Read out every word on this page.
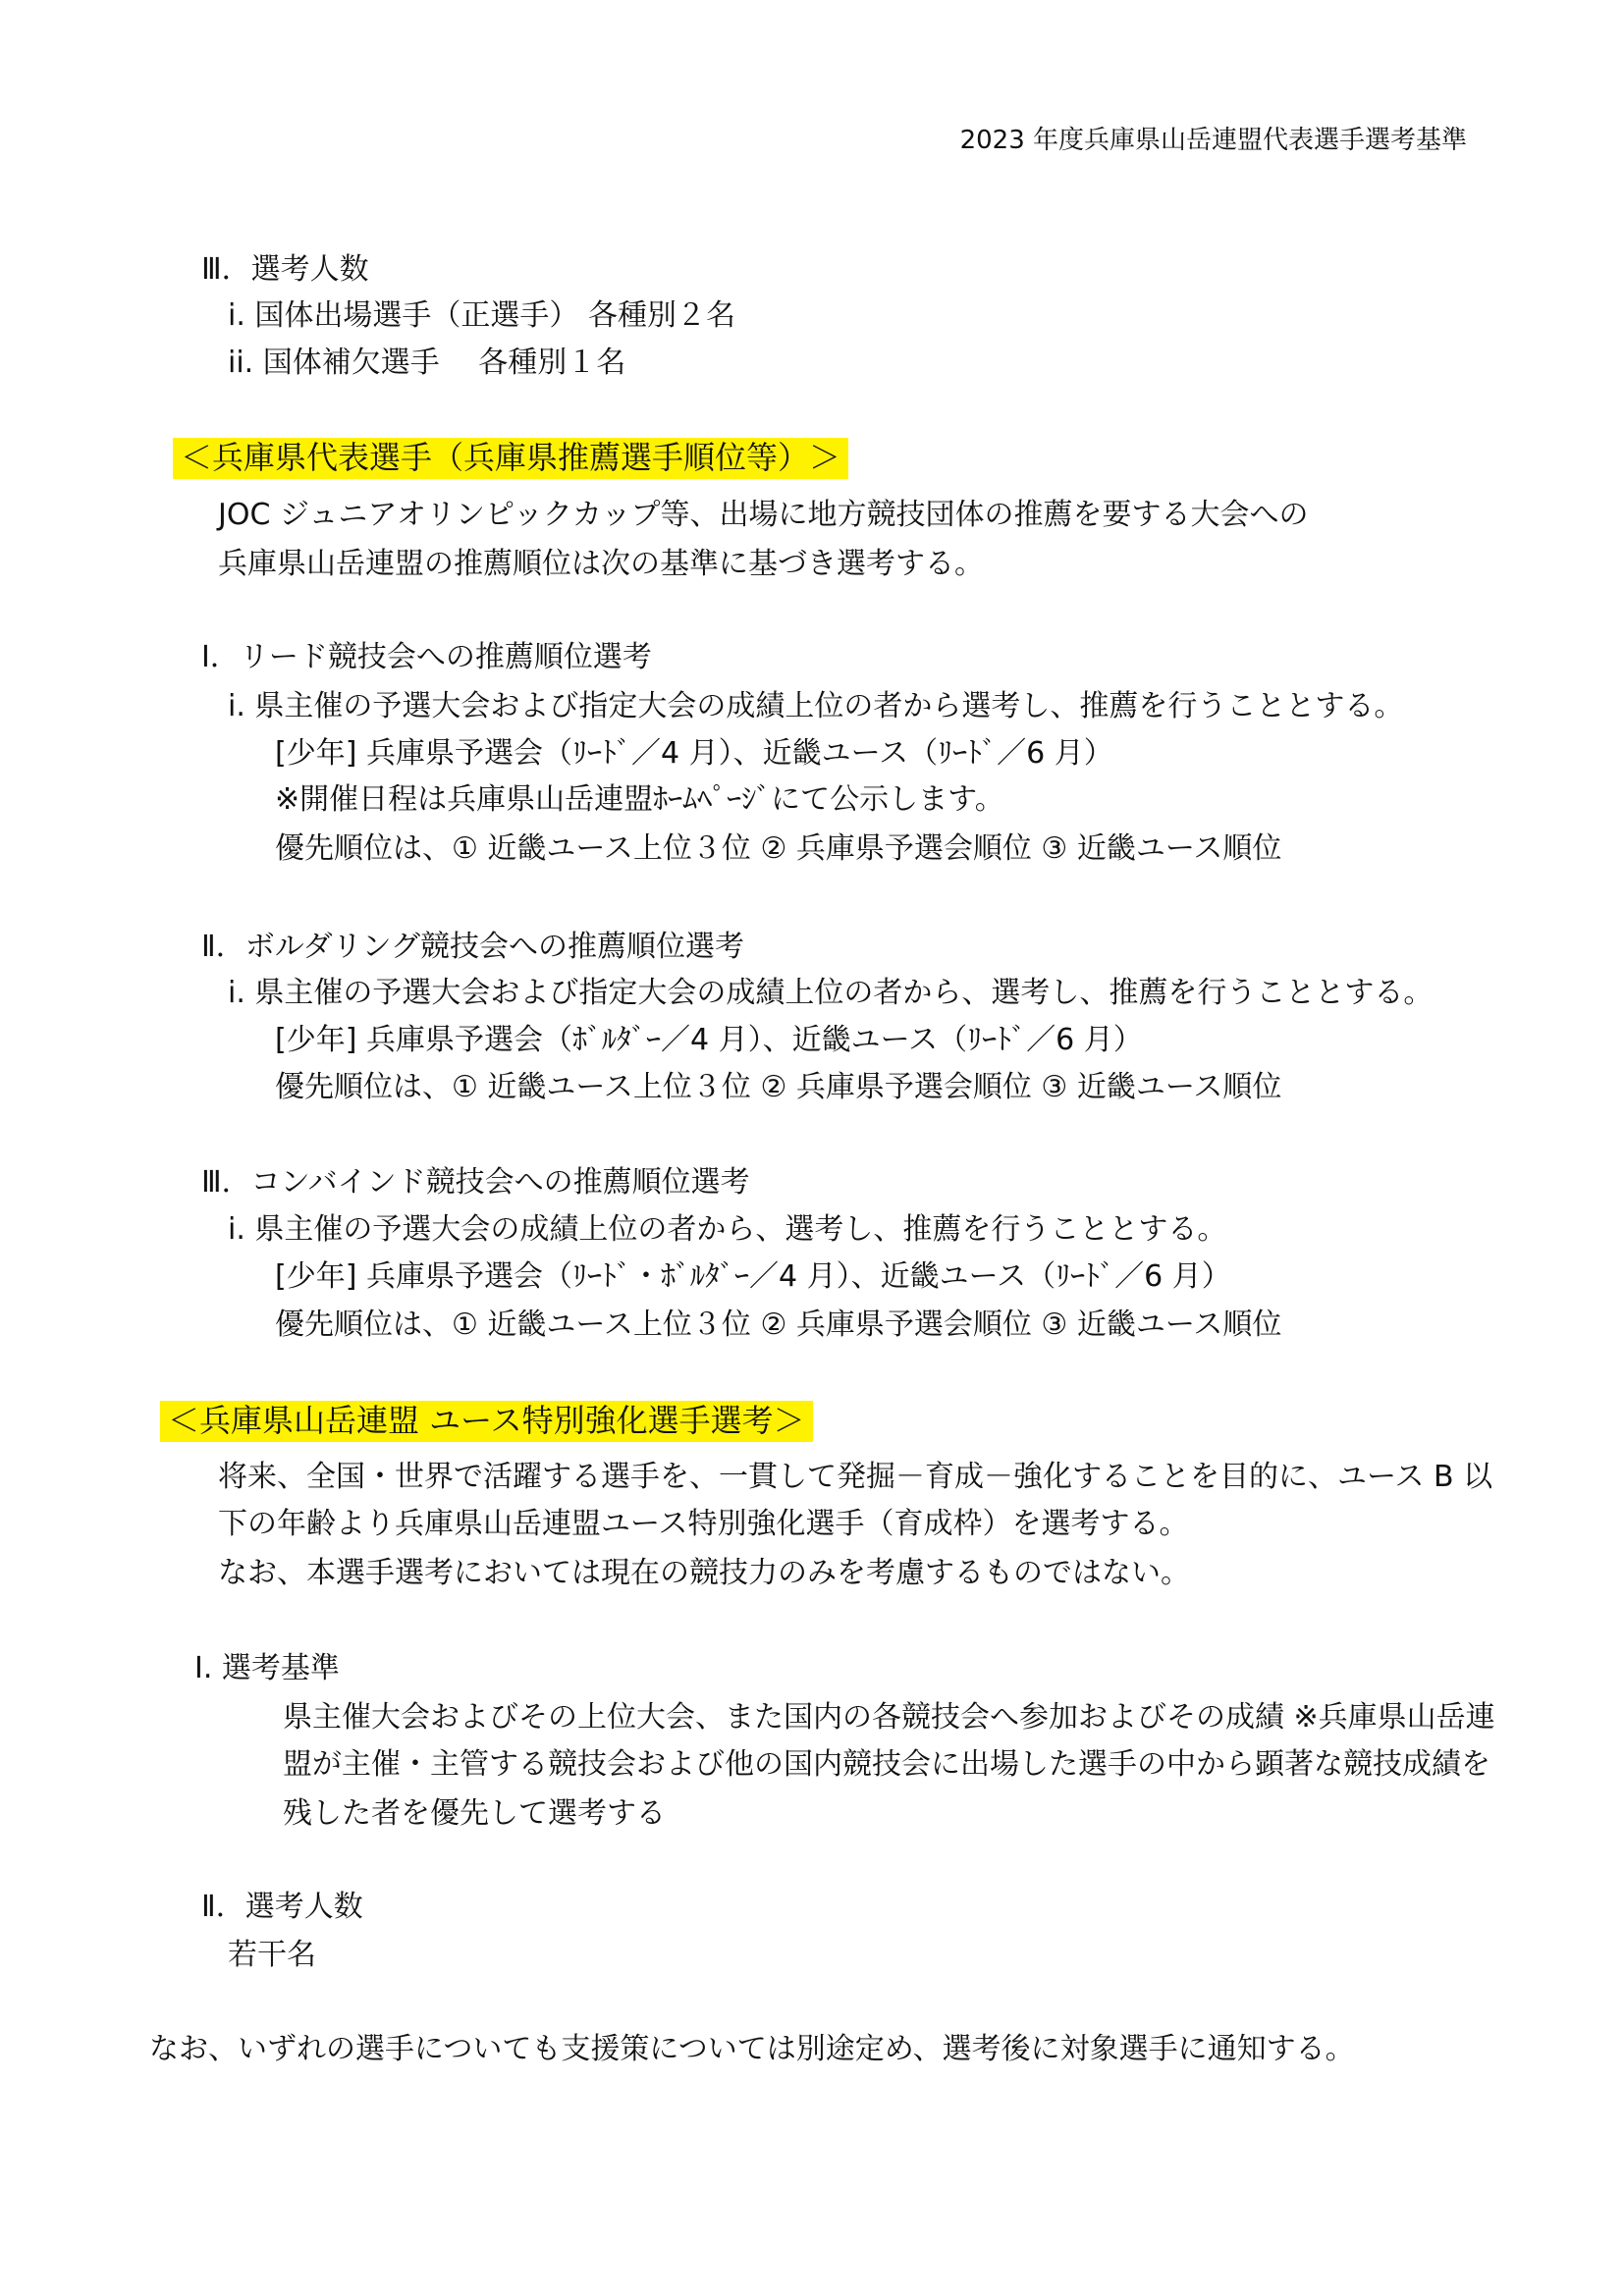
2023 年度兵庫県山岳連盟代表選手選考基準
Ⅲ．選考人数
i. 国体出場選手（正選手） 各種別２名
ii. 国体補欠選手　 各種別１名
＜兵庫県代表選手（兵庫県推薦選手順位等）＞
JOC ジュニアオリンピックカップ等、出場に地方競技団体の推薦を要する大会への
兵庫県山岳連盟の推薦順位は次の基準に基づき選考する。
Ⅰ．リード競技会への推薦順位選考
i. 県主催の予選大会および指定大会の成績上位の者から選考し、推薦を行うこととする。
[少年] 兵庫県予選会（ﾘｰﾄﾞ／4 月）、近畿ユース（ﾘｰﾄﾞ／6 月）
※開催日程は兵庫県山岳連盟ﾎｰﾑﾍﾟｰｼﾞにて公示します。
優先順位は、① 近畿ユース上位３位 ② 兵庫県予選会順位 ③ 近畿ユース順位
Ⅱ．ボルダリング競技会への推薦順位選考
i. 県主催の予選大会および指定大会の成績上位の者から、選考し、推薦を行うこととする。
[少年] 兵庫県予選会（ﾎﾞﾙﾀﾞｰ／4 月）、近畿ユース（ﾘｰﾄﾞ／6 月）
優先順位は、① 近畿ユース上位３位 ② 兵庫県予選会順位 ③ 近畿ユース順位
Ⅲ．コンバインド競技会への推薦順位選考
i. 県主催の予選大会の成績上位の者から、選考し、推薦を行うこととする。
[少年] 兵庫県予選会（ﾘｰﾄﾞ・ﾎﾞﾙﾀﾞｰ／4 月）、近畿ユース（ﾘｰﾄﾞ／6 月）
優先順位は、① 近畿ユース上位３位 ② 兵庫県予選会順位 ③ 近畿ユース順位
＜兵庫県山岳連盟 ユース特別強化選手選考＞
将来、全国・世界で活躍する選手を、一貫して発掘－育成－強化することを目的に、ユース B 以
下の年齢より兵庫県山岳連盟ユース特別強化選手（育成枠）を選考する。
なお、本選手選考においては現在の競技力のみを考慮するものではない。
Ⅰ. 選考基準
県主催大会およびその上位大会、また国内の各競技会へ参加およびその成績 ※兵庫県山岳連
盟が主催・主管する競技会および他の国内競技会に出場した選手の中から顕著な競技成績を
残した者を優先して選考する
Ⅱ．選考人数
若干名
なお、いずれの選手についても支援策については別途定め、選考後に対象選手に通知する。
